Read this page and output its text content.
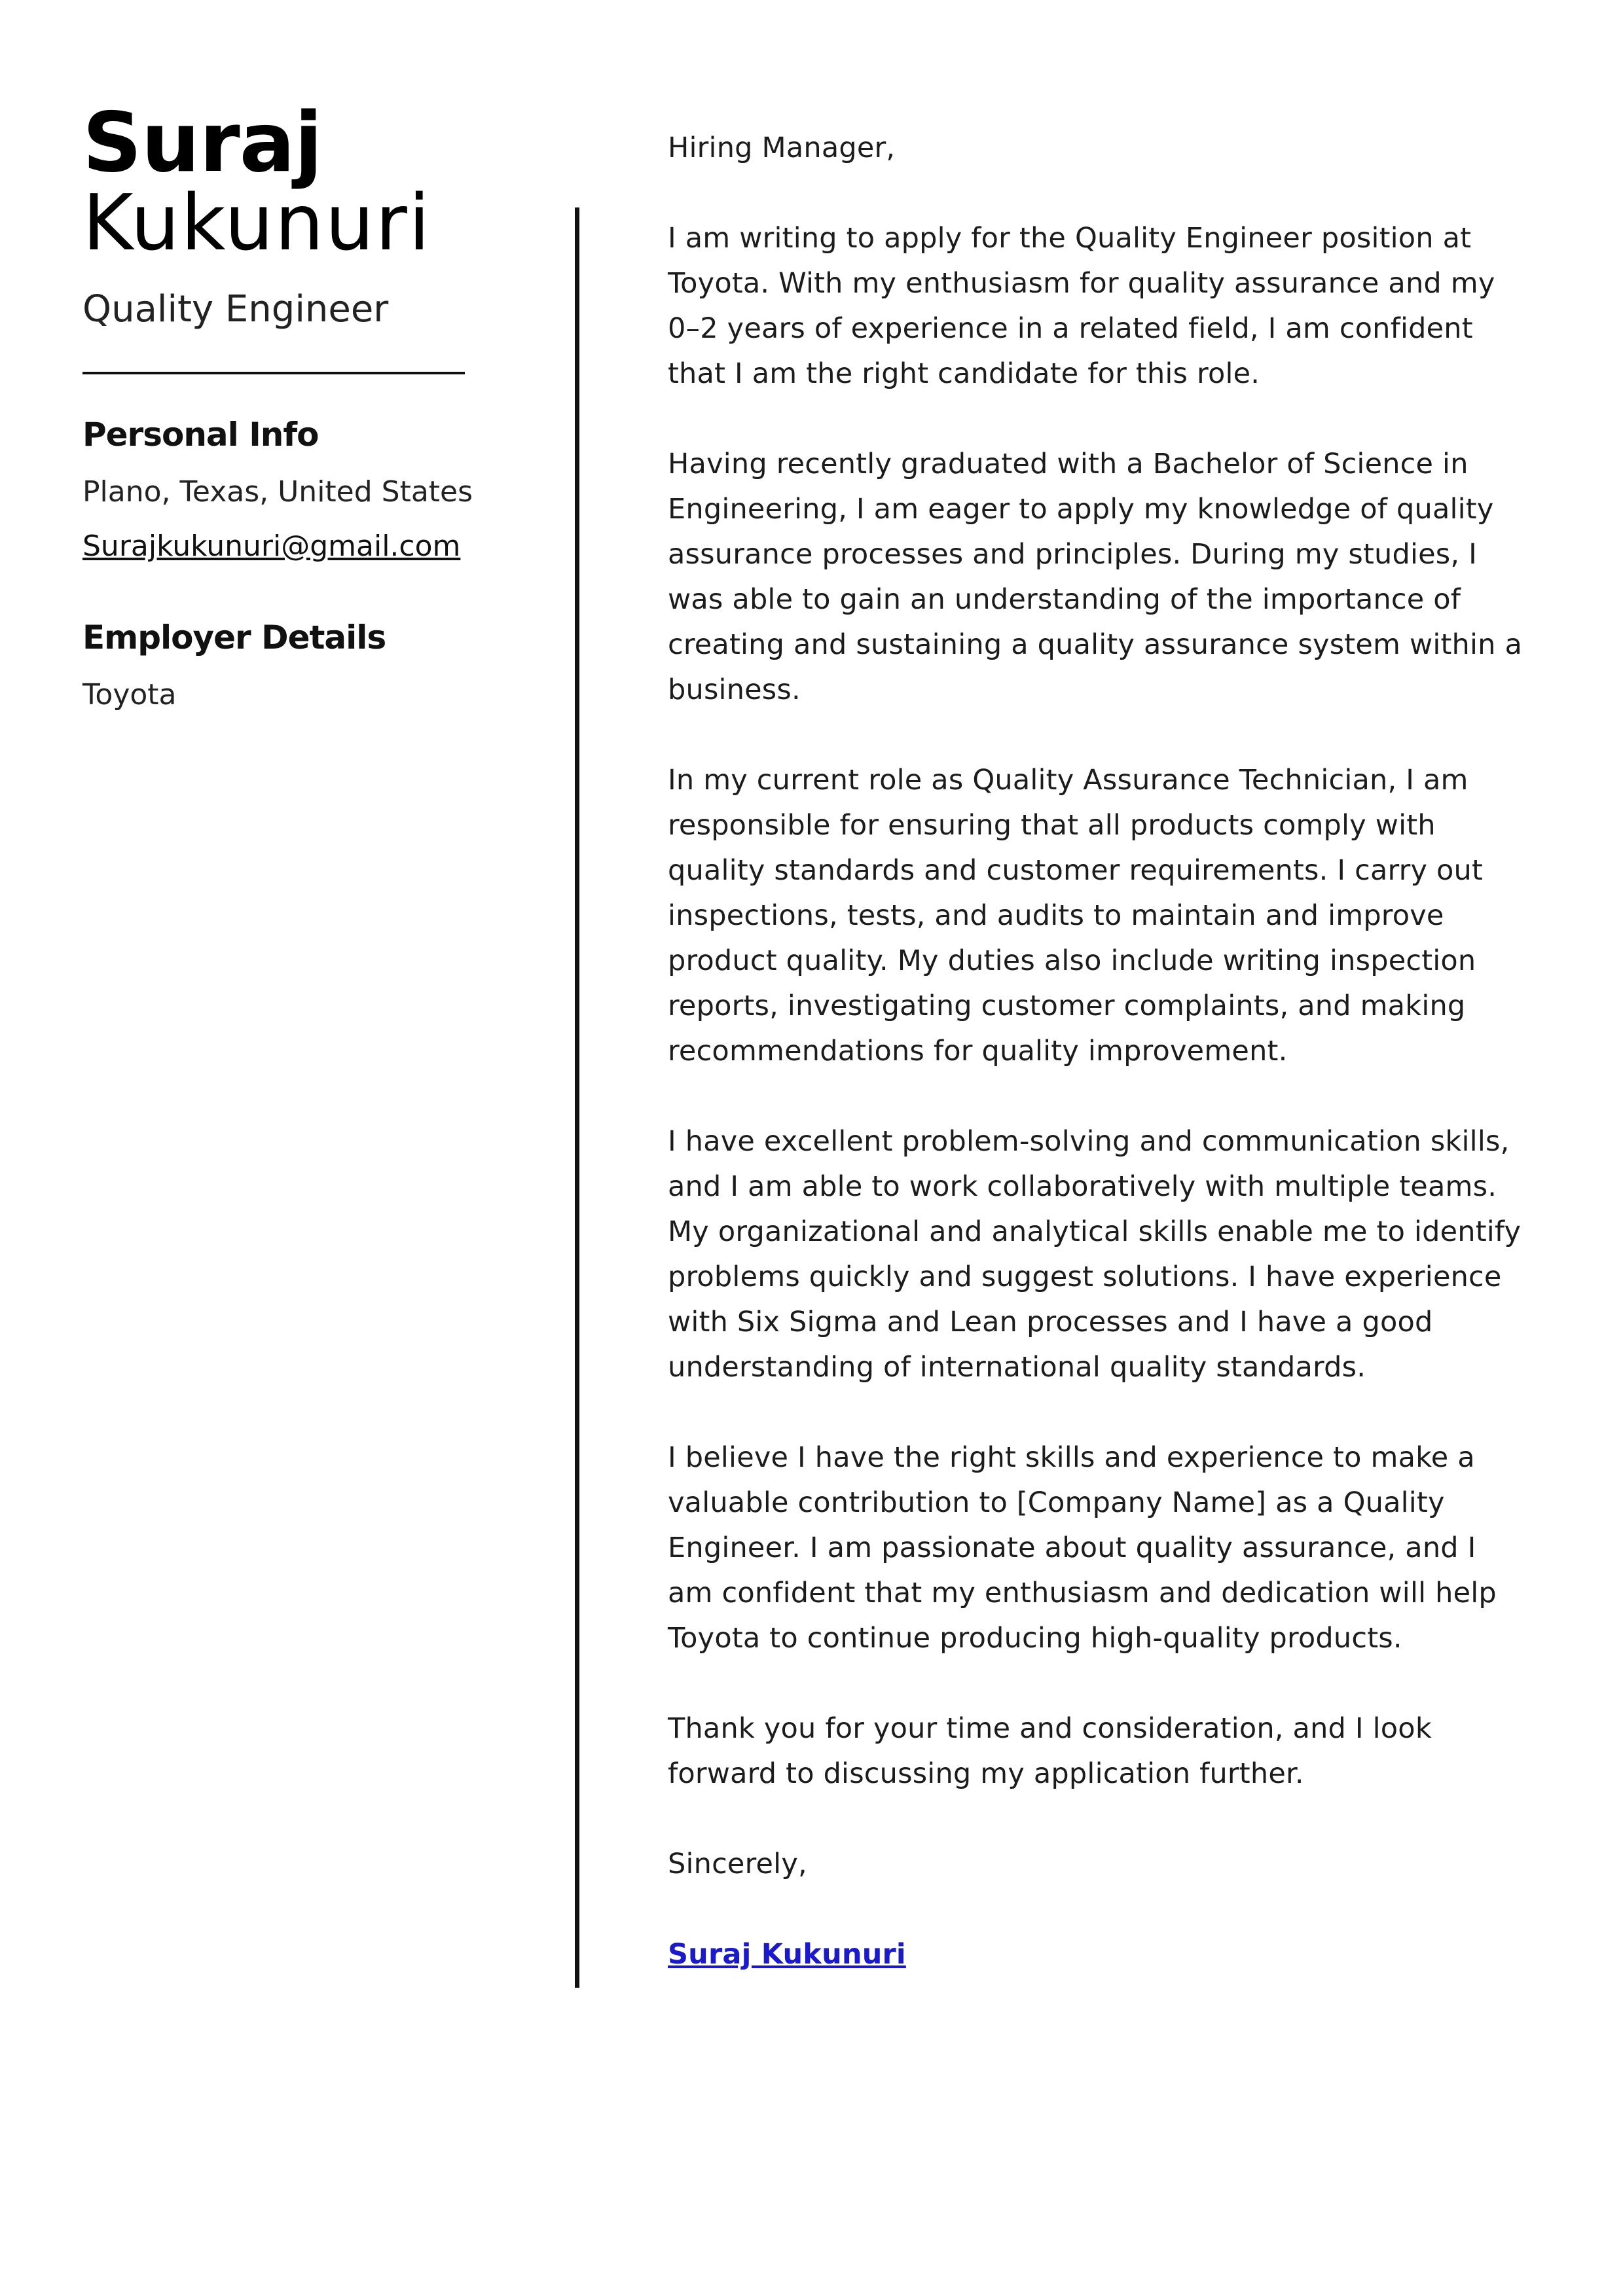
Suraj
Kukunuri
Quality Engineer
Personal Info
Plano, Texas, United States
Surajkukunuri@gmail.com
Employer Details
Toyota

Hiring Manager,

I am writing to apply for the Quality Engineer position at Toyota. With my enthusiasm for quality assurance and my 0–2 years of experience in a related field, I am confident that I am the right candidate for this role.

Having recently graduated with a Bachelor of Science in Engineering, I am eager to apply my knowledge of quality assurance processes and principles. During my studies, I was able to gain an understanding of the importance of creating and sustaining a quality assurance system within a business.

In my current role as Quality Assurance Technician, I am responsible for ensuring that all products comply with quality standards and customer requirements. I carry out inspections, tests, and audits to maintain and improve product quality. My duties also include writing inspection reports, investigating customer complaints, and making recommendations for quality improvement.

I have excellent problem-solving and communication skills, and I am able to work collaboratively with multiple teams. My organizational and analytical skills enable me to identify problems quickly and suggest solutions. I have experience with Six Sigma and Lean processes and I have a good understanding of international quality standards.

I believe I have the right skills and experience to make a valuable contribution to [Company Name] as a Quality Engineer. I am passionate about quality assurance, and I am confident that my enthusiasm and dedication will help Toyota to continue producing high-quality products.

Thank you for your time and consideration, and I look forward to discussing my application further.

Sincerely,

Suraj Kukunuri
